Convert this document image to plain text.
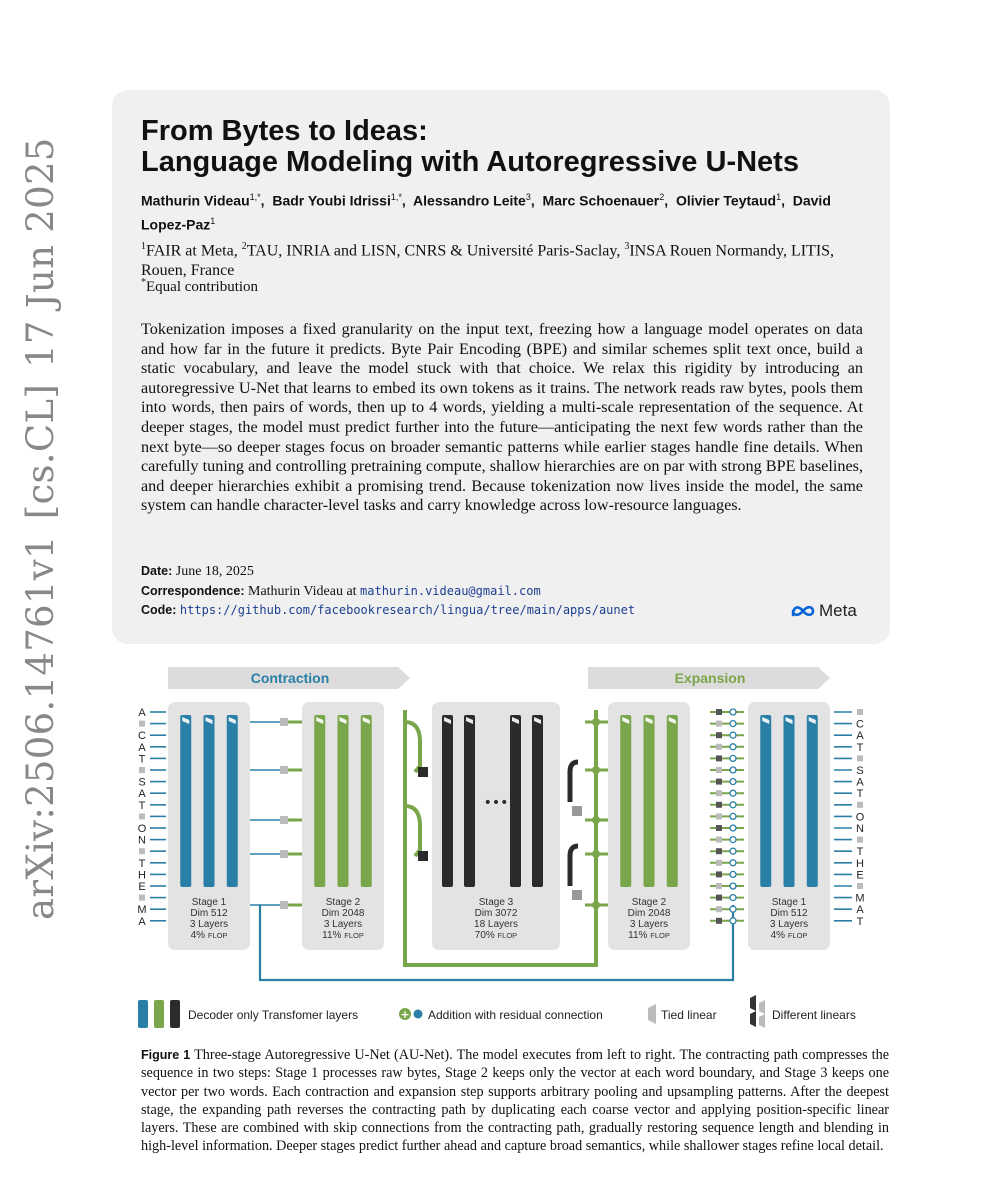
arXiv:2506.14761v1
[cs.CL]
17 Jun 2025
From Bytes to Ideas:
Language Modeling with Autoregressive U-Nets
Mathurin Videau$^{1,*}$,  Badr Youbi Idrissi$^{1,*}$,  Alessandro Leite$^3$,  Marc Schoenauer$^2$,  Olivier Teytaud$^1$,  David Lopez-Paz$^1$
$^1$FAIR at Meta, $^2$TAU, INRIA and LISN, CNRS & Université Paris-Saclay, $^3$INSA Rouen Normandy, LITIS, Rouen, France
*Equal contribution
Tokenization imposes a fixed granularity on the input text, freezing how a language model operates on data and how far in the future it predicts. Byte Pair Encoding (BPE) and similar schemes split text once, build a static vocabulary, and leave the model stuck with that choice. We relax this rigidity by introducing an autoregressive U-Net that learns to embed its own tokens as it trains. The network reads raw bytes, pools them into words, then pairs of words, then up to 4 words, yielding a multi-scale representation of the sequence. At deeper stages, the model must predict further into the future—anticipating the next few words rather than the next byte—so deeper stages focus on broader semantic patterns while earlier stages handle fine details. When carefully tuning and controlling pretraining compute, shallow hierarchies are on par with strong BPE baselines, and deeper hierarchies exhibit a promising trend. Because tokenization now lives inside the model, the same system can handle character-level tasks and carry knowledge across low-resource languages.
Date: June 18, 2025
Correspondence: Mathurin Videau at mathurin.videau@gmail.com
Code: https://github.com/facebookresearch/lingua/tree/main/apps/aunet	Meta
Contraction	Expansion
A
C
A
T
S
A
T
O
N
T
H
E
M
A
C
A
T
S
A
T
O
N
T
H
E
M
A
T
Stage 1
Dim 512
3 Layers
4% FLOP
Stage 2
Dim 2048
3 Layers
11% FLOP
•••
Stage 3
Dim 3072
18 Layers
70% FLOP
Stage 2
Dim 2048
3 Layers
11% FLOP
Stage 1
Dim 512
3 Layers
4% FLOP
Decoder only Transfomer layers	+ Addition with residual connection	Tied linear	Different linears
Figure 1 Three-stage Autoregressive U-Net (AU-Net). The model executes from left to right. The contracting path compresses the sequence in two steps: Stage 1 processes raw bytes, Stage 2 keeps only the vector at each word boundary, and Stage 3 keeps one vector per two words. Each contraction and expansion step supports arbitrary pooling and upsampling patterns. After the deepest stage, the expanding path reverses the contracting path by duplicating each coarse vector and applying position-specific linear layers. These are combined with skip connections from the contracting path, gradually restoring sequence length and blending in high-level information. Deeper stages predict further ahead and capture broad semantics, while shallower stages refine local detail.
